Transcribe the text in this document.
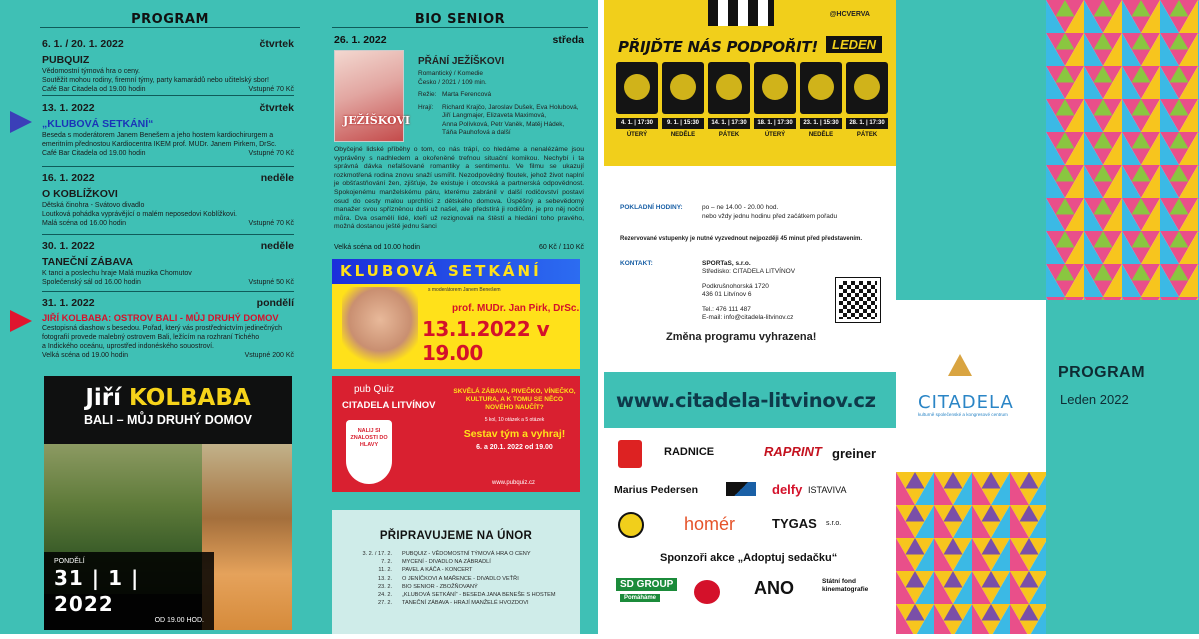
PROGRAM
6. 1. / 20. 1. 2022	čtvrtek
PUBQUIZ
Vědomostní týmová hra o ceny.
Soutěžit mohou rodiny, firemní týmy, party kamarádů nebo učitelský sbor!
Café Bar Citadela od 19.00 hodin	Vstupné 70 Kč
13. 1. 2022	čtvrtek
„KLUBOVÁ SETKÁNÍ“
Beseda s moderátorem Janem Benešem a jeho hostem kardiochirurgem a
emeritním přednostou Kardiocentra IKEM prof. MUDr. Janem Pirkem, DrSc.
Café Bar Citadela od 19.00 hodin	Vstupné 70 Kč
16. 1. 2022	neděle
O KOBLÍŽKOVI
Dětská činohra - Svátovo divadlo
Loutková pohádka vyprávějící o malém neposedovi Koblížkovi.
Malá scéna od 16.00 hodin	Vstupné 70 Kč
30. 1. 2022	neděle
TANEČNÍ ZÁBAVA
K tanci a poslechu hraje Malá muzika Chomutov
Společenský sál od 16.00 hodin	Vstupné 50 Kč
31. 1. 2022	pondělí
JIŘÍ KOLBABA: OSTROV BALI - MŮJ DRUHÝ DOMOV
Cestopisná diashow s besedou. Pořad, který vás prostřednictvím jedinečných
fotografií provede malebný ostrovem Bali, ležícím na rozhraní Tichého
a Indického oceánu, uprostřed indonéského souostroví.
Velká scéna od 19.00 hodin	Vstupné 200 Kč
Jiří KOLBABA
BALI – MŮJ DRUHÝ DOMOV
PONDĚLÍ
31 | 1 | 2022
OD 19.00 HOD.
BIO SENIOR
26. 1. 2022	středa
JEŽÍŠKOVI
PŘÁNÍ JEŽÍŠKOVI
Romantický / Komedie
Česko / 2021 / 109 min.
Režie: Marta Ferencová
Hrají:	Richard Krajčo, Jaroslav Dušek, Eva Holubová,
Jiří Langmajer, Elizaveta Maximová,
Anna Polívková, Petr Vaněk, Matěj Hádek,
Táňa Pauhofová a další
Obyčejné lidské příběhy o tom, co nás trápí, co hledáme a nenalézáme jsou vyprávěny s nadhledem a okořeněné trefnou situační komikou. Nechybí i ta správná dávka nefalšované romantiky a sentimentu. Ve filmu se ukazují rozkmotřená rodina znovu snaží usmířit. Nezodpovědný floutek, jehož život naplní je obšťastňování žen, zjišťuje, že existuje i otcovská a partnerská odpovědnost. Spokojenému manželskému páru, kterému zabránil v další rodičovství postaví osud do cesty malou uprchlíci z dětského domova. Úspěšný a sebevědomý manažer svou spřízněnou duši už našel, ale předstírá ji rodičům, je pro něj noční můra. Dva osamělí lidé, kteří už rezignovali na štěstí a hledání toho pravého, možná dostanou ještě jednu šanci
Velká scéna od 10.00 hodin	60 Kč / 110 Kč
KLUBOVÁ SETKÁNÍ
s moderátorem Janem Benešem
prof. MUDr. Jan Pirk, DrSc.
13.1.2022 v 19.00
pub Quiz
CITADELA LITVÍNOV
NALIJ SI ZNALOSTI DO HLAVY
SKVĚLÁ ZÁBAVA, PIVEČKO, VÍNEČKO, KULTURA, A K TOMU SE NĚCO NOVÉHO NAUČÍT?
5 kol, 10 otázek a 5 otázek
Sestav tým a vyhraj!
6. a 20.1. 2022 od 19.00
www.pubquiz.cz
PŘIPRAVUJEME NA ÚNOR
3. 2. / 17. 2.	PUBQUIZ - VĚDOMOSTNÍ TÝMOVÁ HRA O CENY
7. 2.	MYCENÍ - DIVADLO NA ZÁBRADLÍ
11. 2.	PAVEL A KÁČA - KONCERT
13. 2.	O JENÍČKOVI A MAŘENCE - DIVADLO VEŤŘI
23. 2.	BIO SENIOR - ZBOŽŇOVANÝ
24. 2.	„KLUBOVÁ SETKÁNÍ“ - BESEDA JANA BENEŠE S HOSTEM
27. 2.	TANEČNÍ ZÁBAVA - HRAJÍ MANŽELÉ HVOZDOVI
@HCVERVA
PŘIJĎTE NÁS PODPOŘIT!	LEDEN
4. 1. | 17:30
ÚTERÝ
9. 1. | 15:30
NEDĚLE
14. 1. | 17:30
PÁTEK
18. 1. | 17:30
ÚTERÝ
23. 1. | 15:30
NEDĚLE
28. 1. | 17:30
PÁTEK
POKLADNÍ HODINY:	po – ne 14.00 - 20.00 hod.
nebo vždy jednu hodinu před začátkem pořadu
Rezervované vstupenky je nutné vyzvednout nejpozději 45 minut před představením.
KONTAKT:	SPORTaS, s.r.o.
Středisko: CITADELA LITVÍNOV
Podkrušnohorská 1720
436 01 Litvínov 6
Tel.: 476 111 487
E-mail: info@citadela-litvinov.cz
Změna programu vyhrazena!
www.citadela-litvinov.cz
RADNICE	RAPRINT greiner
Marius Pedersen	delfy ISTAVIVA
homér	TYGAS s.r.o.
Sponzoři akce „Adoptuj sedačku“
SD GROUP
Pomáháme	ANO	Státní fond kinematografie
CITADELA
kulturně společenské a kongresové centrum
PROGRAM
Leden 2022
